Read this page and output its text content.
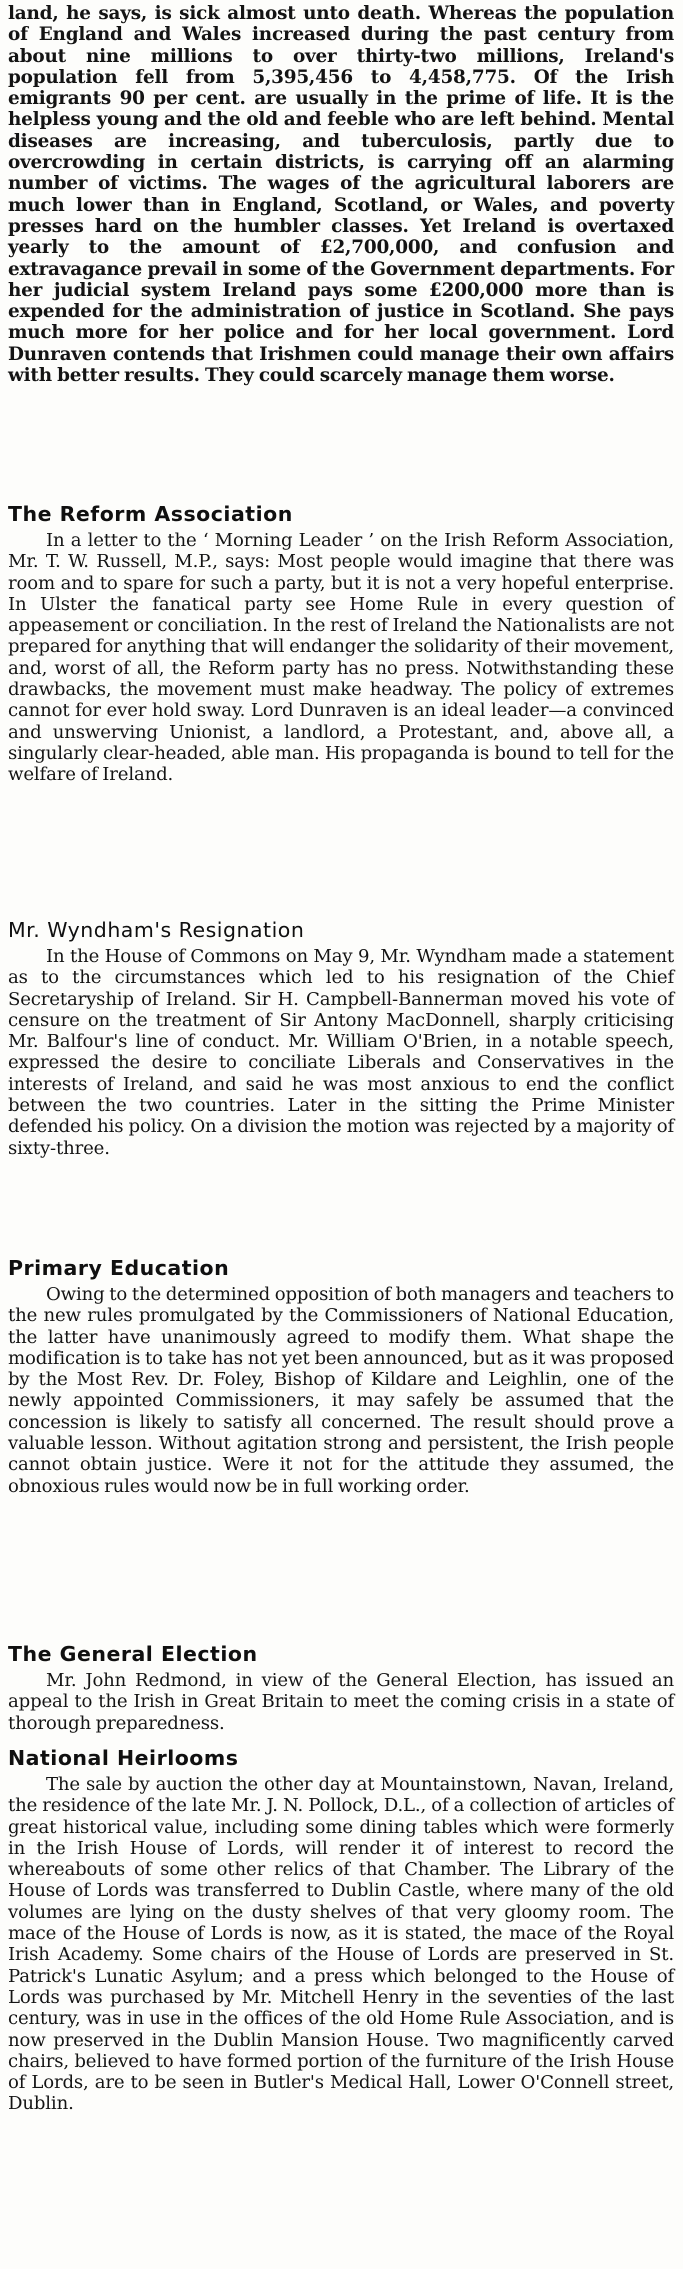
land, he says, is sick almost unto death. Whereas the population of England and Wales increased during the past century from about nine millions to over thirty-two millions, Ireland's population fell from 5,395,456 to 4,458,775. Of the Irish emigrants 90 per cent. are usually in the prime of life. It is the helpless young and the old and feeble who are left behind. Mental diseases are increasing, and tuberculosis, partly due to overcrowding in certain districts, is carrying off an alarming number of victims. The wages of the agricultural laborers are much lower than in England, Scotland, or Wales, and poverty presses hard on the humbler classes. Yet Ireland is overtaxed yearly to the amount of £2,700,000, and confusion and extravagance prevail in some of the Government departments. For her judicial system Ireland pays some £200,000 more than is expended for the administration of justice in Scotland. She pays much more for her police and for her local government. Lord Dunraven contends that Irishmen could manage their own affairs with better results. They could scarcely manage them worse.

The Reform Association

In a letter to the ‘ Morning Leader ’ on the Irish Reform Association, Mr. T. W. Russell, M.P., says: Most people would imagine that there was room and to spare for such a party, but it is not a very hopeful enterprise. In Ulster the fanatical party see Home Rule in every question of appeasement or conciliation. In the rest of Ireland the Nationalists are not prepared for anything that will endanger the solidarity of their movement, and, worst of all, the Reform party has no press. Notwithstanding these drawbacks, the movement must make headway. The policy of extremes cannot for ever hold sway. Lord Dunraven is an ideal leader—a convinced and unswerving Unionist, a landlord, a Protestant, and, above all, a singularly clear-headed, able man. His propaganda is bound to tell for the welfare of Ireland.

Mr. Wyndham's Resignation

In the House of Commons on May 9, Mr. Wyndham made a statement as to the circumstances which led to his resignation of the Chief Secretaryship of Ireland. Sir H. Campbell-Bannerman moved his vote of censure on the treatment of Sir Antony MacDonnell, sharply criticising Mr. Balfour's line of conduct. Mr. William O'Brien, in a notable speech, expressed the desire to conciliate Liberals and Conservatives in the interests of Ireland, and said he was most anxious to end the conflict between the two countries. Later in the sitting the Prime Minister defended his policy. On a division the motion was rejected by a majority of sixty-three.

Primary Education

Owing to the determined opposition of both managers and teachers to the new rules promulgated by the Commissioners of National Education, the latter have unanimously agreed to modify them. What shape the modification is to take has not yet been announced, but as it was proposed by the Most Rev. Dr. Foley, Bishop of Kildare and Leighlin, one of the newly appointed Commissioners, it may safely be assumed that the concession is likely to satisfy all concerned. The result should prove a valuable lesson. Without agitation strong and persistent, the Irish people cannot obtain justice. Were it not for the attitude they assumed, the obnoxious rules would now be in full working order.

The General Election

Mr. John Redmond, in view of the General Election, has issued an appeal to the Irish in Great Britain to meet the coming crisis in a state of thorough preparedness.

National Heirlooms

The sale by auction the other day at Mountainstown, Navan, Ireland, the residence of the late Mr. J. N. Pollock, D.L., of a collection of articles of great historical value, including some dining tables which were formerly in the Irish House of Lords, will render it of interest to record the whereabouts of some other relics of that Chamber. The Library of the House of Lords was transferred to Dublin Castle, where many of the old volumes are lying on the dusty shelves of that very gloomy room. The mace of the House of Lords is now, as it is stated, the mace of the Royal Irish Academy. Some chairs of the House of Lords are preserved in St. Patrick's Lunatic Asylum; and a press which belonged to the House of Lords was purchased by Mr. Mitchell Henry in the seventies of the last century, was in use in the offices of the old Home Rule Association, and is now preserved in the Dublin Mansion House. Two magnificently carved chairs, believed to have formed portion of the furniture of the Irish House of Lords, are to be seen in Butler's Medical Hall, Lower O'Connell street, Dublin.
